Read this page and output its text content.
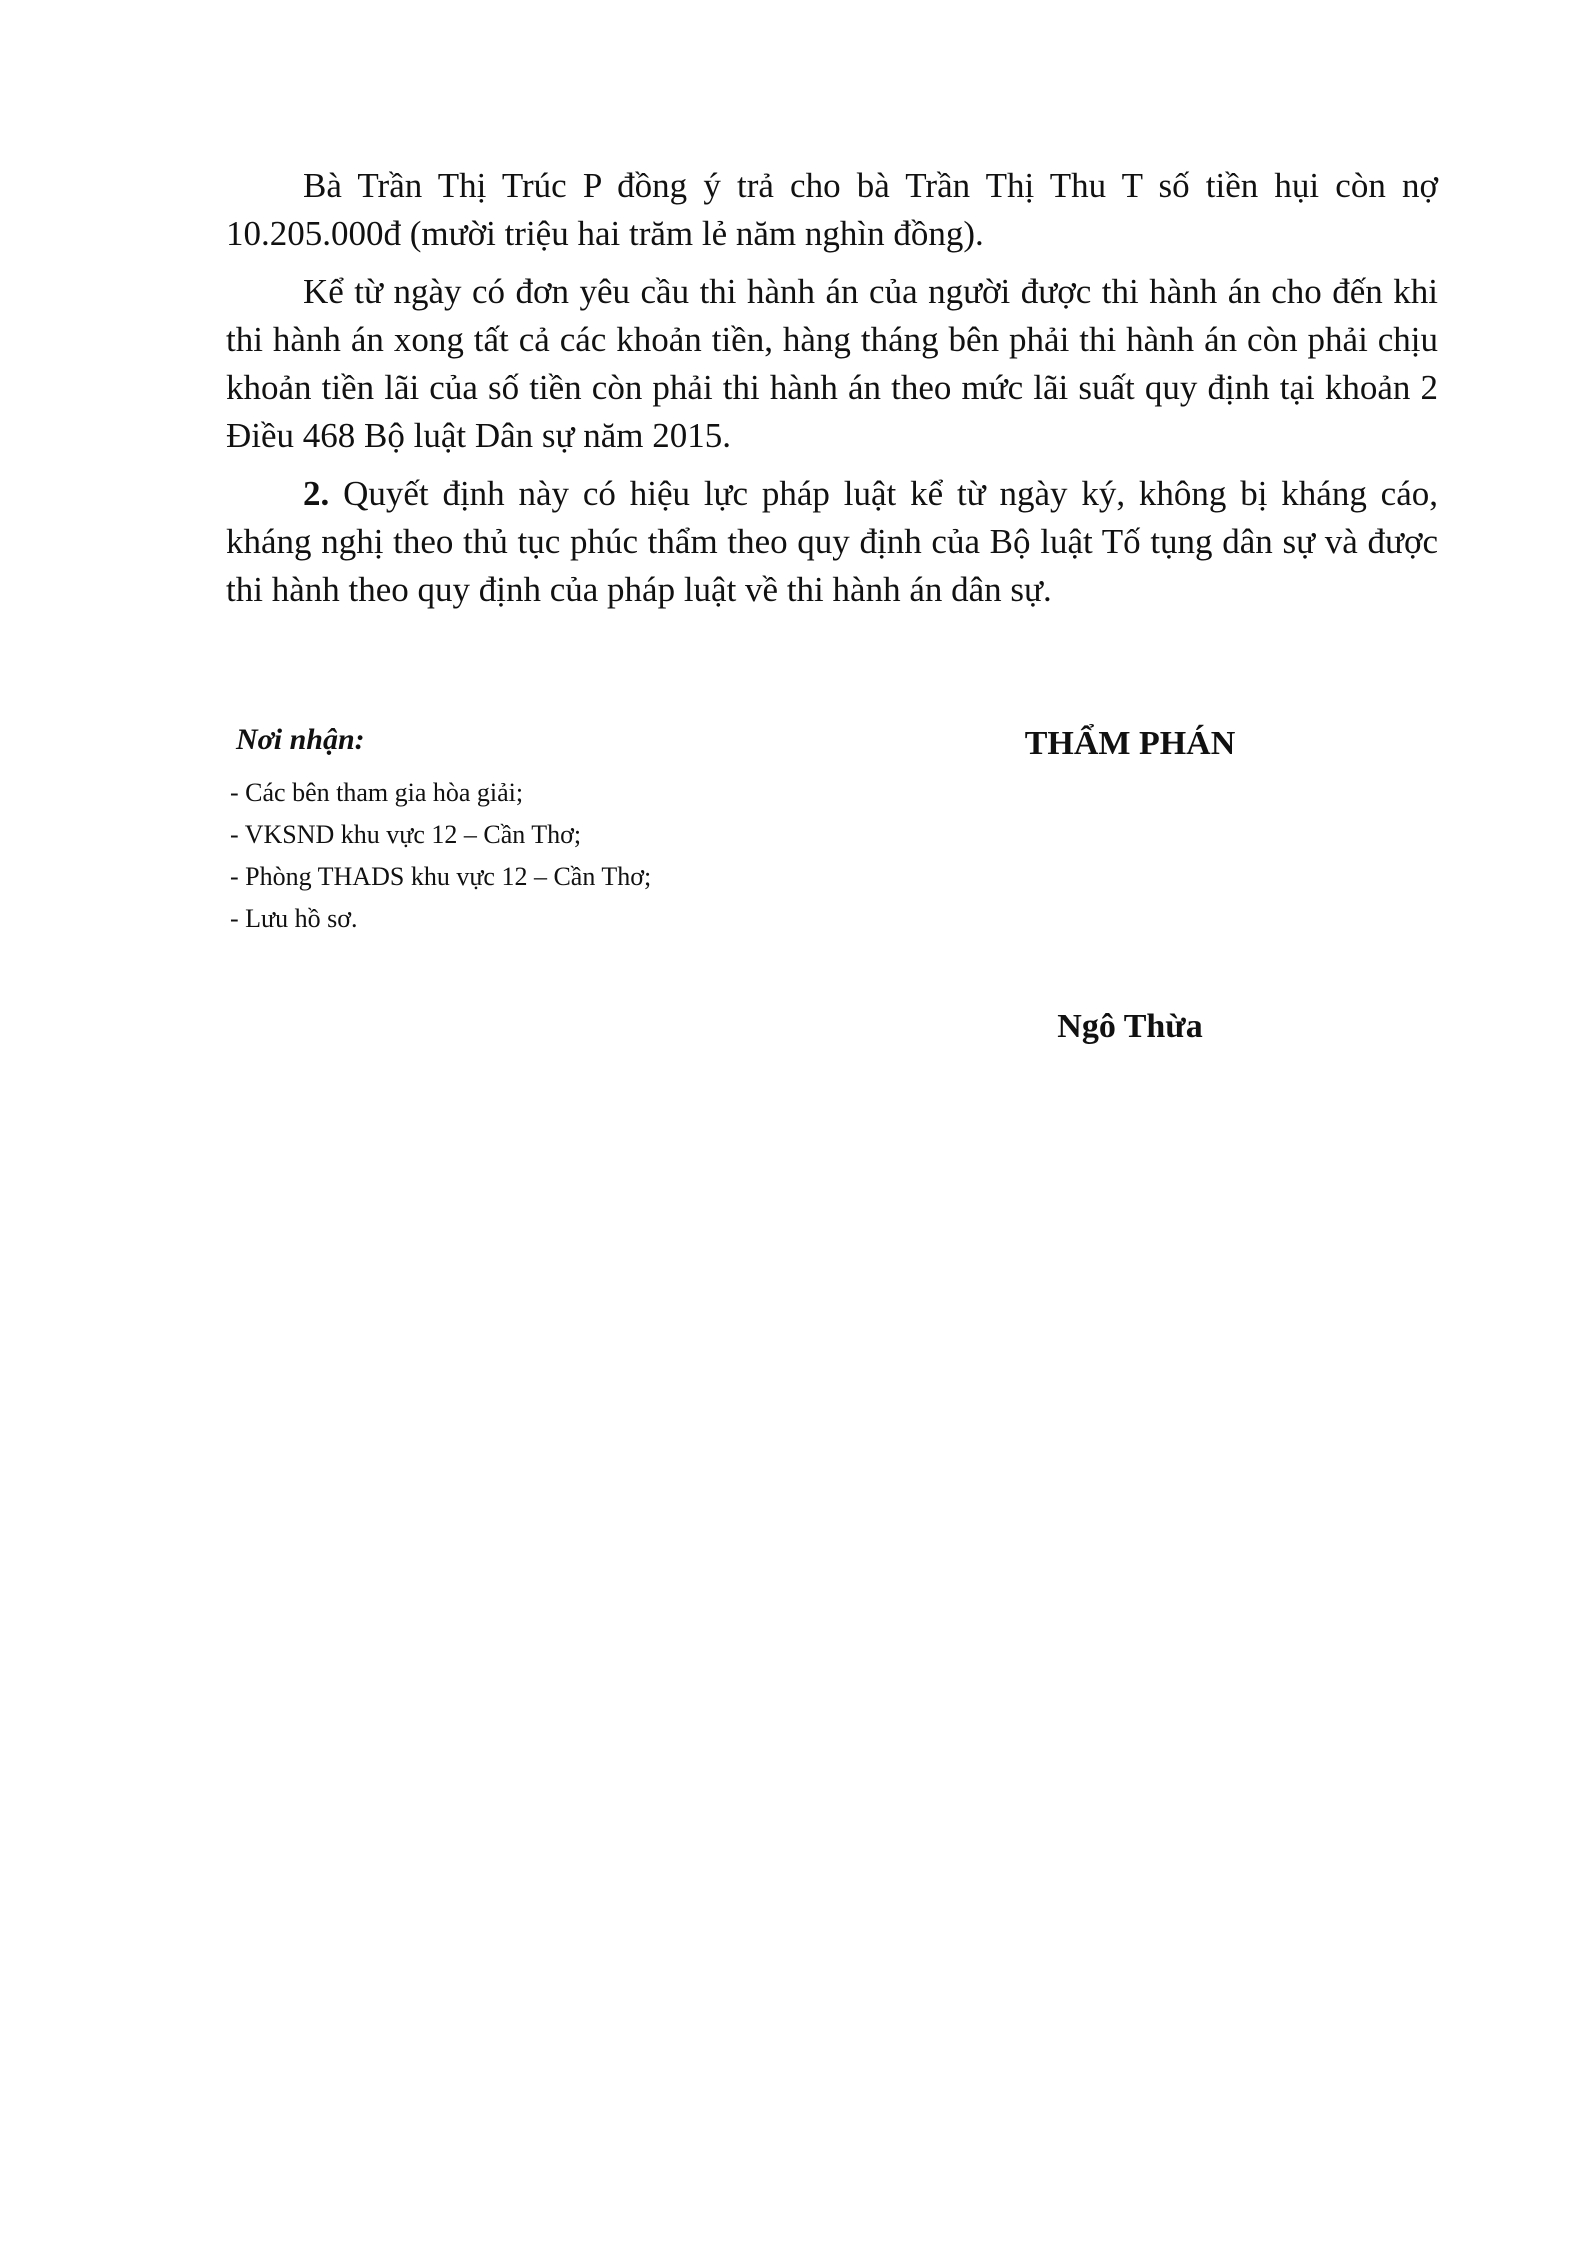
Bà Trần Thị Trúc P đồng ý trả cho bà Trần Thị Thu T số tiền hụi còn nợ 10.205.000đ (mười triệu hai trăm lẻ năm nghìn đồng).

Kể từ ngày có đơn yêu cầu thi hành án của người được thi hành án cho đến khi thi hành án xong tất cả các khoản tiền, hàng tháng bên phải thi hành án còn phải chịu khoản tiền lãi của số tiền còn phải thi hành án theo mức lãi suất quy định tại khoản 2 Điều 468 Bộ luật Dân sự năm 2015.

2. Quyết định này có hiệu lực pháp luật kể từ ngày ký, không bị kháng cáo, kháng nghị theo thủ tục phúc thẩm theo quy định của Bộ luật Tố tụng dân sự và được thi hành theo quy định của pháp luật về thi hành án dân sự.

Nơi nhận:
- Các bên tham gia hòa giải;
- VKSND khu vực 12 – Cần Thơ;
- Phòng THADS khu vực 12 – Cần Thơ;
- Lưu hồ sơ.
THẨM PHÁN
Ngô Thừa
